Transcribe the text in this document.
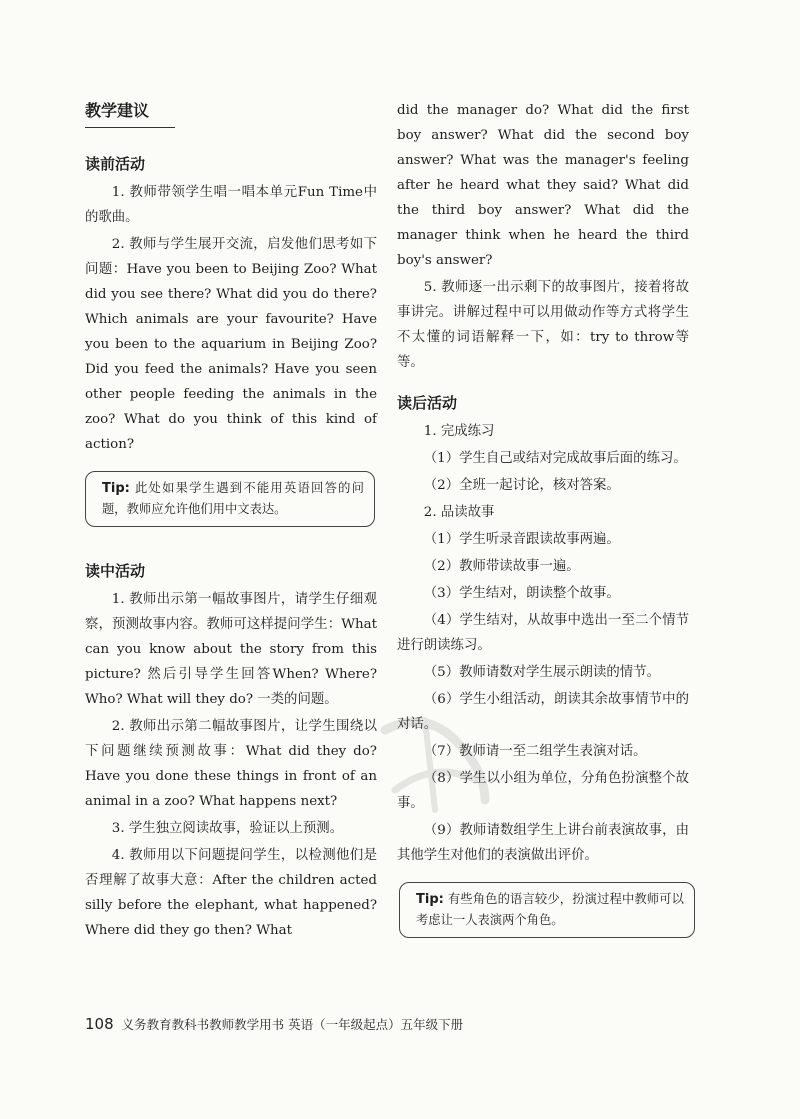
教学建议
读前活动

1. 教师带领学生唱一唱本单元Fun Time中的歌曲。

2. 教师与学生展开交流，启发他们思考如下问题：Have you been to Beijing Zoo? What did you see there? What did you do there? Which animals are your favourite? Have you been to the aquarium in Beijing Zoo? Did you feed the animals? Have you seen other people feeding the animals in the zoo? What do you think of this kind of action?

Tip: 此处如果学生遇到不能用英语回答的问题，教师应允许他们用中文表达。
读中活动

1. 教师出示第一幅故事图片，请学生仔细观察，预测故事内容。教师可这样提问学生：What can you know about the story from this picture? 然后引导学生回答When? Where? Who? What will they do? 一类的问题。

2. 教师出示第二幅故事图片，让学生围绕以下问题继续预测故事：What did they do? Have you done these things in front of an animal in a zoo? What happens next?

3. 学生独立阅读故事，验证以上预测。

4. 教师用以下问题提问学生，以检测他们是否理解了故事大意：After the children acted silly before the elephant, what happened? Where did they go then? What

did the manager do? What did the first boy answer? What did the second boy answer? What was the manager's feeling after he heard what they said? What did the third boy answer? What did the manager think when he heard the third boy's answer?

5. 教师逐一出示剩下的故事图片，接着将故事讲完。讲解过程中可以用做动作等方式将学生不太懂的词语解释一下，如：try to throw等等。

读后活动

1. 完成练习

（1）学生自己或结对完成故事后面的练习。

（2）全班一起讨论，核对答案。

2. 品读故事

（1）学生听录音跟读故事两遍。

（2）教师带读故事一遍。

（3）学生结对，朗读整个故事。

（4）学生结对，从故事中选出一至二个情节进行朗读练习。

（5）教师请数对学生展示朗读的情节。

（6）学生小组活动，朗读其余故事情节中的对话。

（7）教师请一至二组学生表演对话。

（8）学生以小组为单位，分角色扮演整个故事。

（9）教师请数组学生上讲台前表演故事，由其他学生对他们的表演做出评价。

Tip: 有些角色的语言较少，扮演过程中教师可以考虑让一人表演两个角色。
108 义务教育教科书教师教学用书 英语（一年级起点）五年级下册
